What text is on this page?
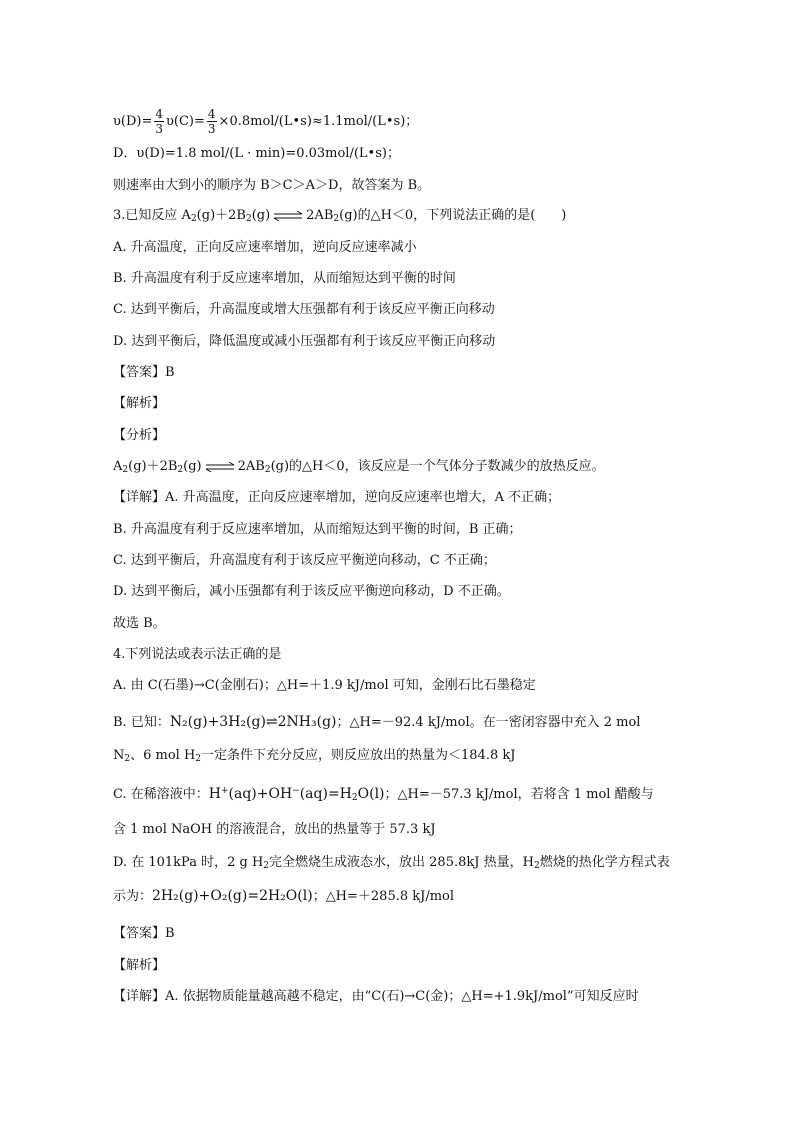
$\upsilon(D)= \frac{4}{3} \upsilon(C)= \frac{4}{3}$ ×0.8mol/(L•s)≈1.1mol/(L•s)；
D．υ(D)=1.8 mol/(L · min)=0.03mol/(L•s)；
则速率由大到小的顺序为 B＞C＞A＞D，故答案为 B。
3.已知反应 $A_2(g)+2B_2(g)$ ⇌ $2AB_2(g)$的△H＜0，下列说法正确的是(　　)
A. 升高温度，正向反应速率增加，逆向反应速率减小
B. 升高温度有利于反应速率增加，从而缩短达到平衡的时间
C. 达到平衡后，升高温度或增大压强都有利于该反应平衡正向移动
D. 达到平衡后，降低温度或减小压强都有利于该反应平衡正向移动
【答案】B
【解析】
【分析】
$A_2(g)+2B_2(g)$ ⇌ $2AB_2(g)$的△H＜0，该反应是一个气体分子数减少的放热反应。
【详解】A. 升高温度，正向反应速率增加，逆向反应速率也增大，A 不正确；
B. 升高温度有利于反应速率增加，从而缩短达到平衡的时间，B 正确；
C. 达到平衡后，升高温度有利于该反应平衡逆向移动，C 不正确；
D. 达到平衡后，减小压强都有利于该反应平衡逆向移动，D 不正确。
故选 B。
4.下列说法或表示法正确的是
A. 由 C(石墨)→C(金刚石)；△H=＋1.9 kJ/mol 可知，金刚石比石墨稳定
B. 已知：N₂(g)+3H₂(g)⇌2NH₃(g)；△H=－92.4 kJ/mol。在一密闭容器中充入 2 mol
$N_2$、6 mol $H_2$一定条件下充分反应，则反应放出的热量为＜184.8 kJ
C. 在稀溶液中：$H^+(aq)+OH^-(aq)=H_2O(l)$；△H=－57.3 kJ/mol，若将含 1 mol 醋酸与
含 1 mol NaOH 的溶液混合，放出的热量等于 57.3 kJ
D. 在 101kPa 时，2 g $H_2$完全燃烧生成液态水，放出 285.8kJ 热量，$H_2$燃烧的热化学方程式表
示为：2H₂(g)+O₂(g)=2H₂O(l)；△H=＋285.8 kJ/mol
【答案】B
【解析】
【详解】A. 依据物质能量越高越不稳定，由“C(石)→C(金)；△H=+1.9kJ/mol”可知反应时
